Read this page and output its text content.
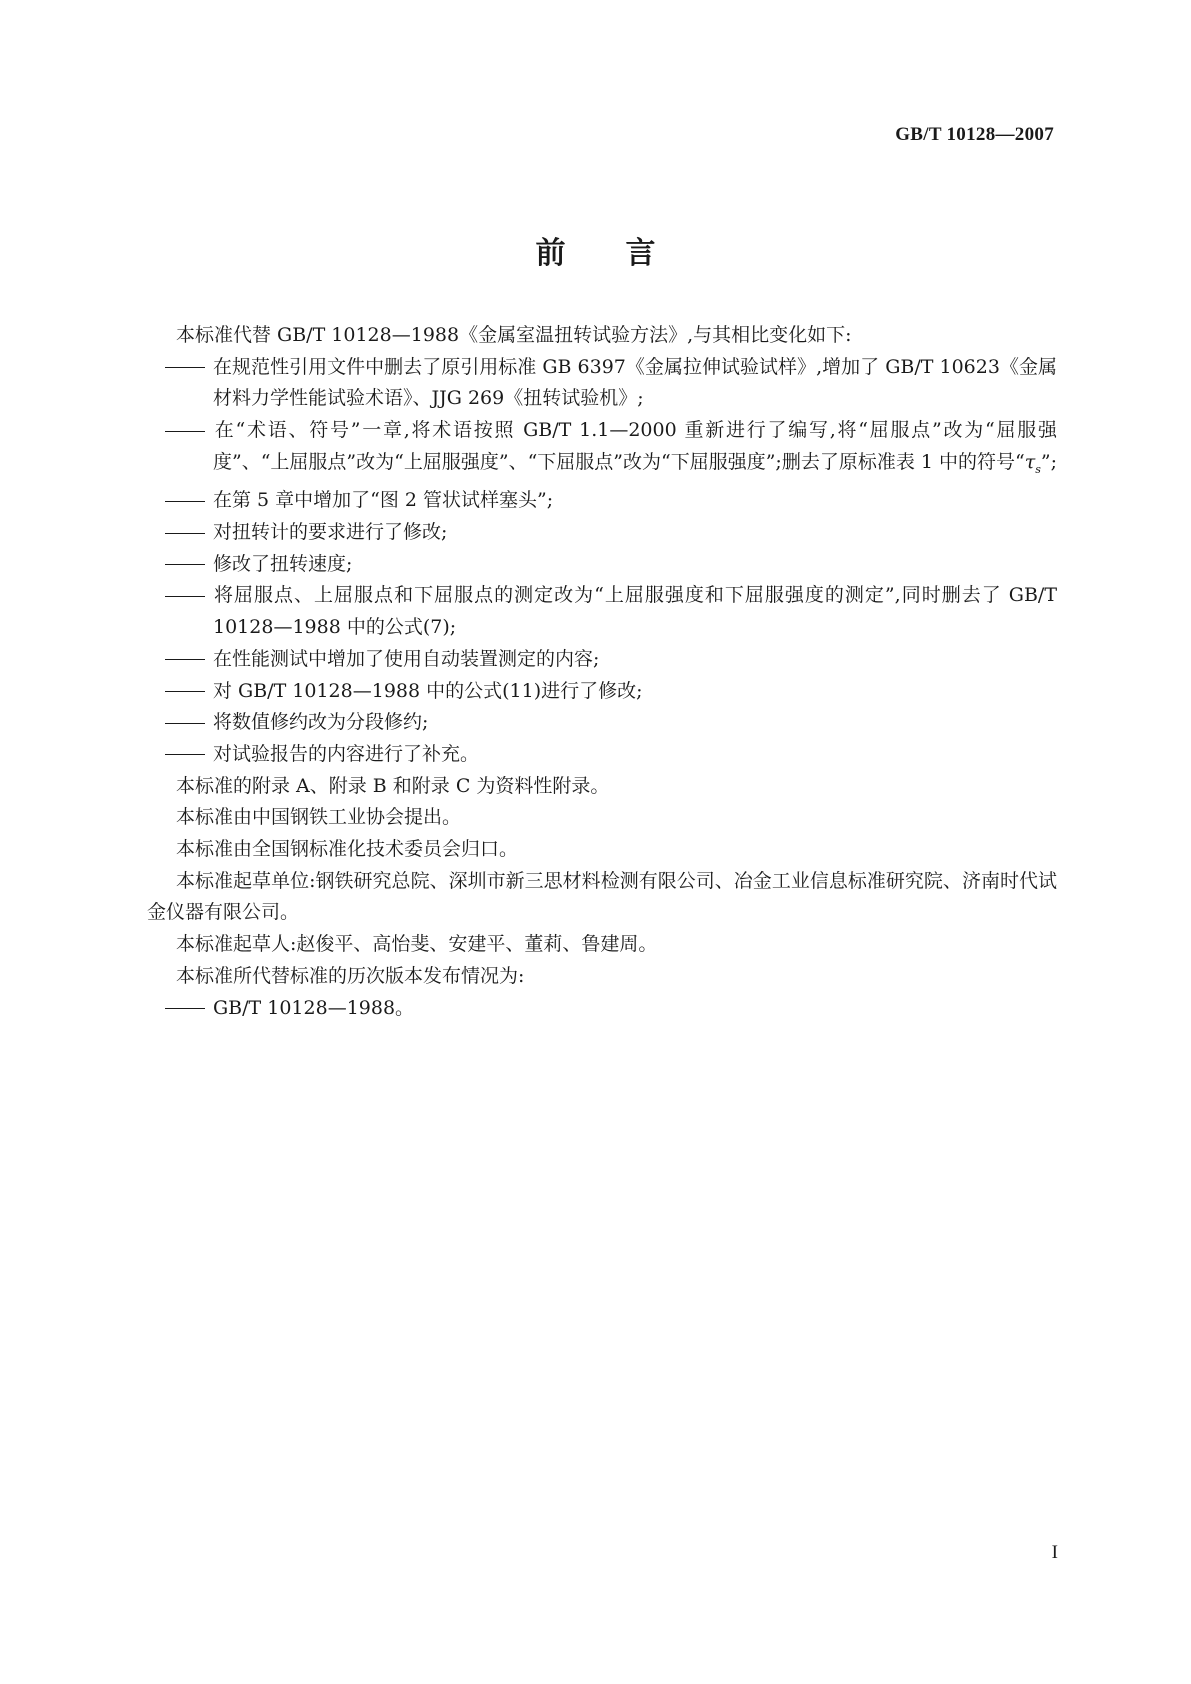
GB/T 10128—2007
前 言

本标准代替 GB/T 10128—1988《金属室温扭转试验方法》,与其相比变化如下:

在规范性引用文件中删去了原引用标准 GB 6397《金属拉伸试验试样》,增加了 GB/T 10623《金属材料力学性能试验术语》、JJG 269《扭转试验机》;

在“术语、符号”一章,将术语按照 GB/T 1.1—2000 重新进行了编写,将“屈服点”改为“屈服强度”、“上屈服点”改为“上屈服强度”、“下屈服点”改为“下屈服强度”;删去了原标准表 1 中的符号“$\tau_s$”;

在第 5 章中增加了“图 2 管状试样塞头”;

对扭转计的要求进行了修改;

修改了扭转速度;

将屈服点、上屈服点和下屈服点的测定改为“上屈服强度和下屈服强度的测定”,同时删去了 GB/T 10128—1988 中的公式(7);

在性能测试中增加了使用自动装置测定的内容;

对 GB/T 10128—1988 中的公式(11)进行了修改;

将数值修约改为分段修约;

对试验报告的内容进行了补充。

本标准的附录 A、附录 B 和附录 C 为资料性附录。

本标准由中国钢铁工业协会提出。

本标准由全国钢标准化技术委员会归口。

本标准起草单位:钢铁研究总院、深圳市新三思材料检测有限公司、冶金工业信息标准研究院、济南时代试金仪器有限公司。

本标准起草人:赵俊平、高怡斐、安建平、董莉、鲁建周。

本标准所代替标准的历次版本发布情况为:

GB/T 10128—1988。

I
